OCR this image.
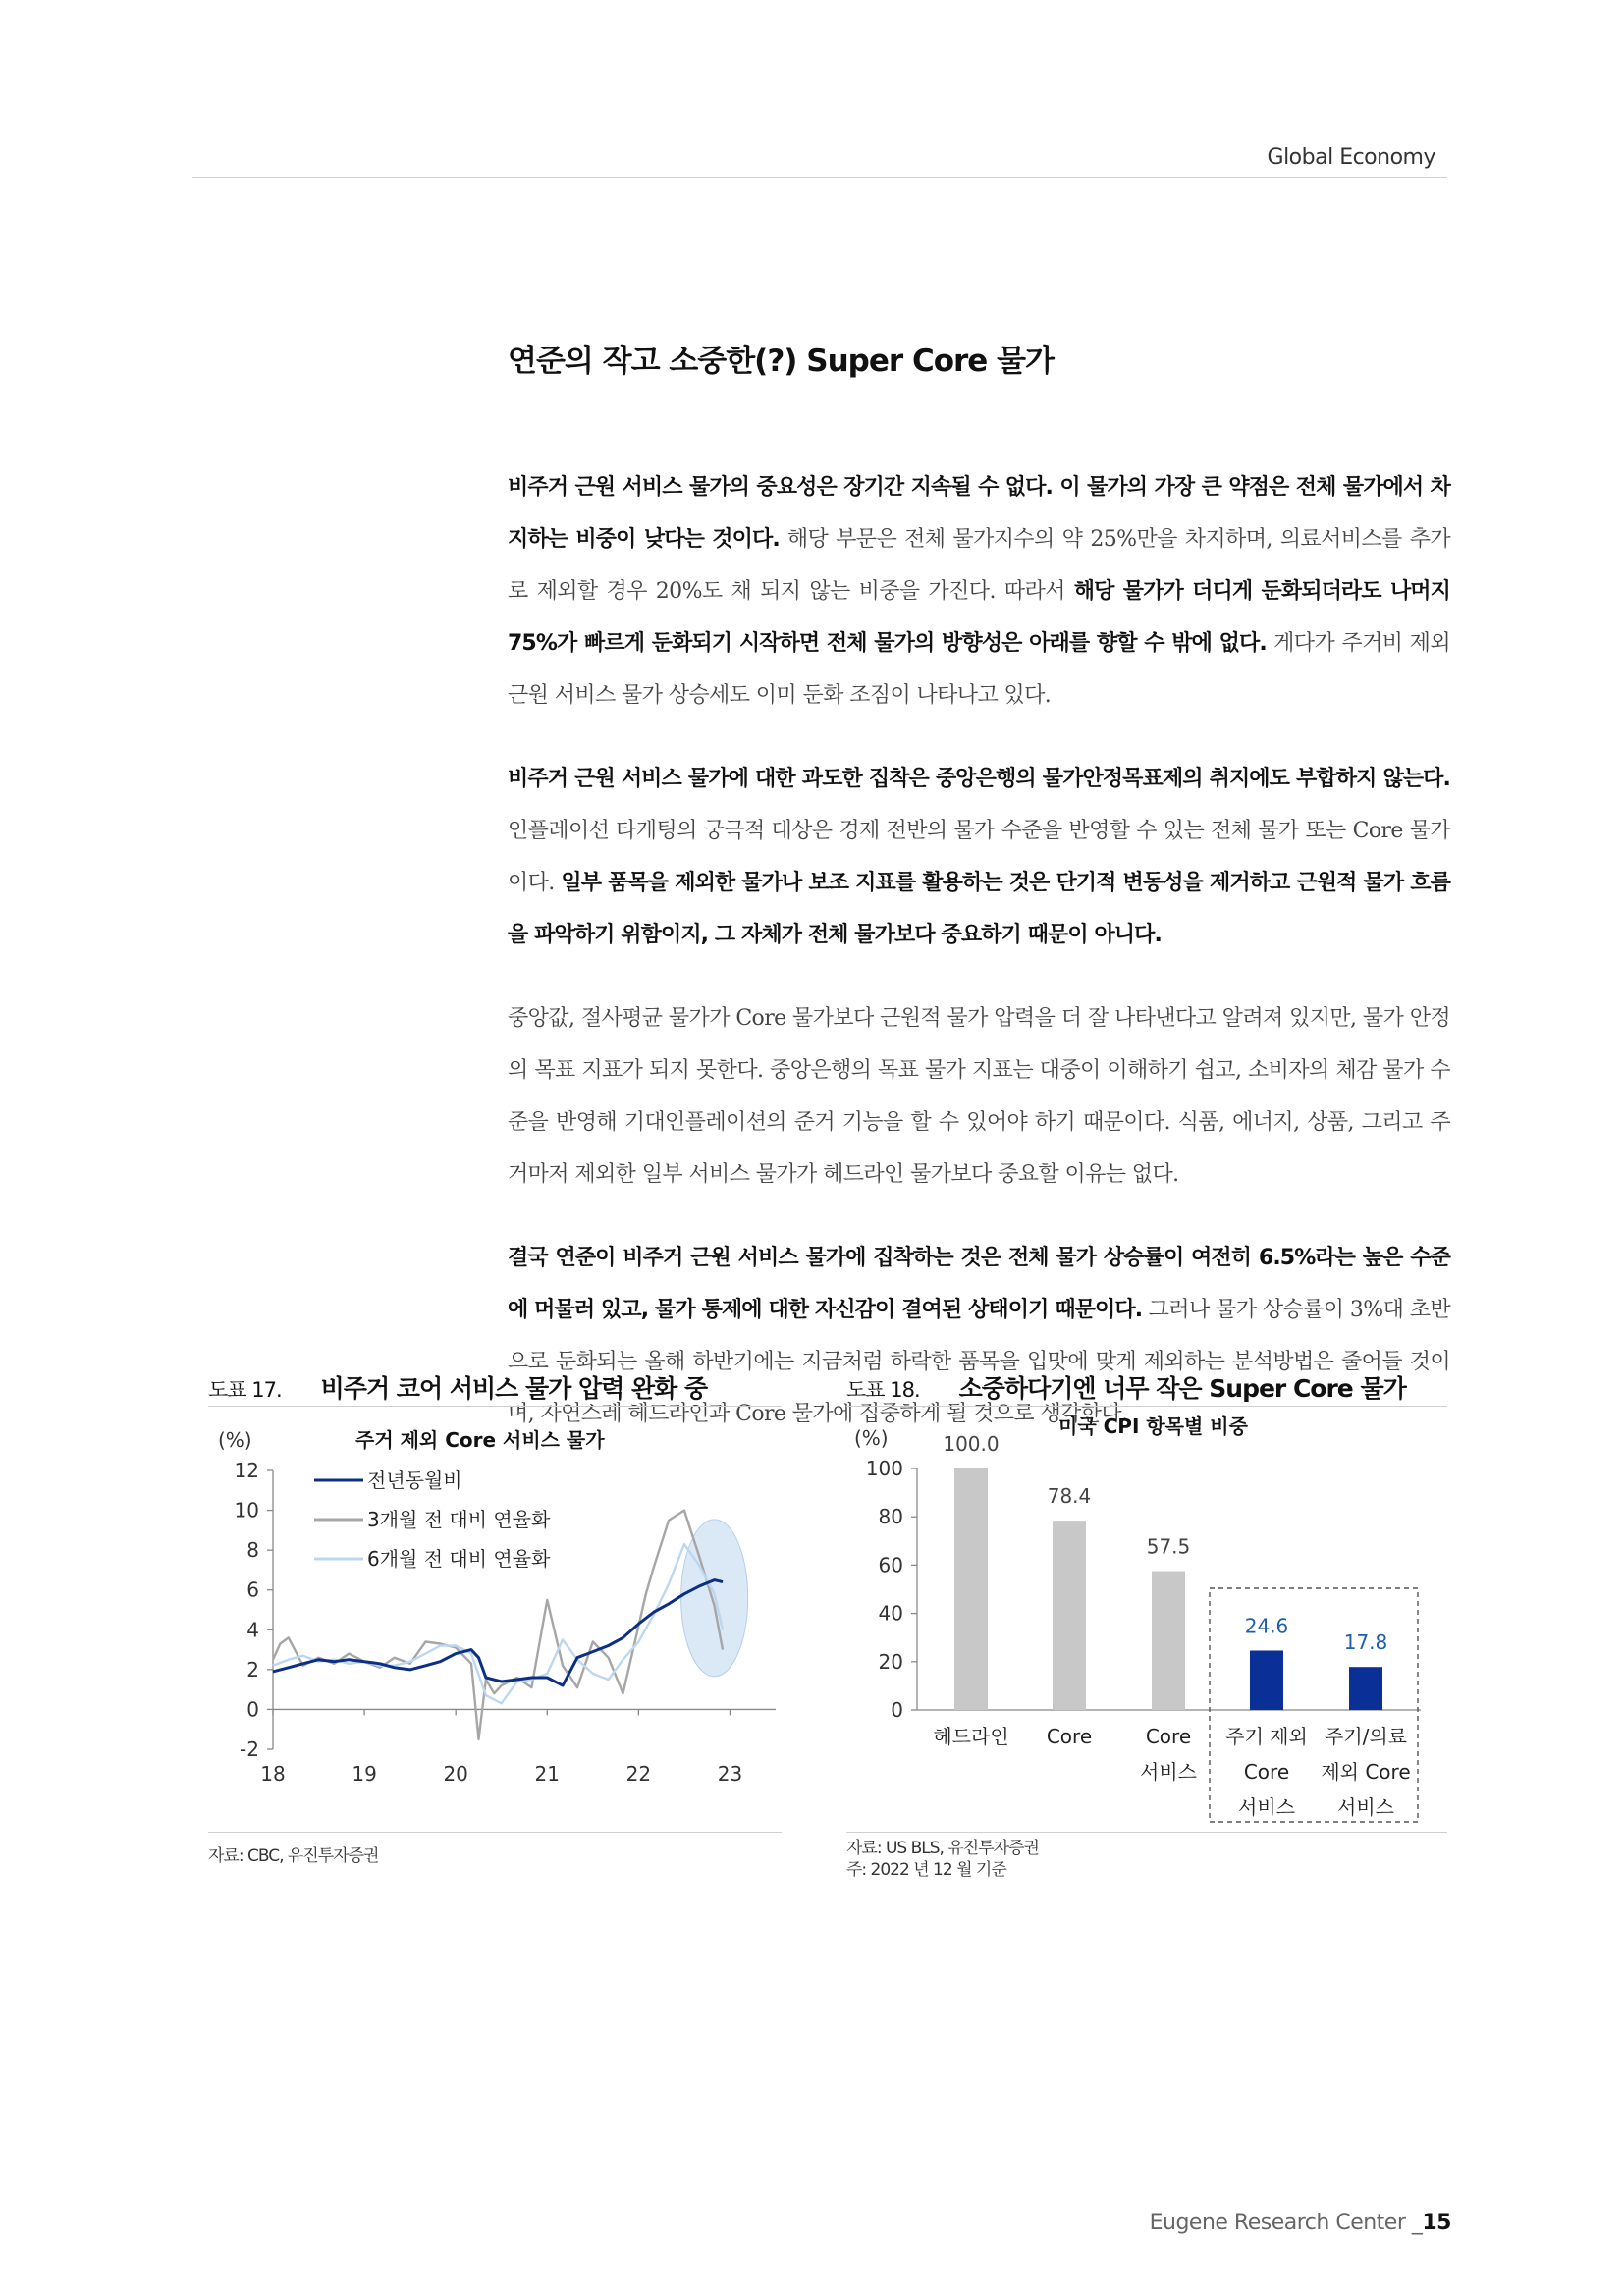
Global Economy
연준의 작고 소중한(?) Super Core 물가

비주거 근원 서비스 물가의 중요성은 장기간 지속될 수 없다. 이 물가의 가장 큰 약점은 전체 물가에서 차지하는 비중이 낮다는 것이다. 해당 부문은 전체 물가지수의 약 25%만을 차지하며, 의료서비스를 추가로 제외할 경우 20%도 채 되지 않는 비중을 가진다. 따라서 해당 물가가 더디게 둔화되더라도 나머지 75%가 빠르게 둔화되기 시작하면 전체 물가의 방향성은 아래를 향할 수 밖에 없다. 게다가 주거비 제외 근원 서비스 물가 상승세도 이미 둔화 조짐이 나타나고 있다.

비주거 근원 서비스 물가에 대한 과도한 집착은 중앙은행의 물가안정목표제의 취지에도 부합하지 않는다. 인플레이션 타게팅의 궁극적 대상은 경제 전반의 물가 수준을 반영할 수 있는 전체 물가 또는 Core 물가이다. 일부 품목을 제외한 물가나 보조 지표를 활용하는 것은 단기적 변동성을 제거하고 근원적 물가 흐름을 파악하기 위함이지, 그 자체가 전체 물가보다 중요하기 때문이 아니다.

중앙값, 절사평균 물가가 Core 물가보다 근원적 물가 압력을 더 잘 나타낸다고 알려져 있지만, 물가 안정의 목표 지표가 되지 못한다. 중앙은행의 목표 물가 지표는 대중이 이해하기 쉽고, 소비자의 체감 물가 수준을 반영해 기대인플레이션의 준거 기능을 할 수 있어야 하기 때문이다. 식품, 에너지, 상품, 그리고 주거마저 제외한 일부 서비스 물가가 헤드라인 물가보다 중요할 이유는 없다.

결국 연준이 비주거 근원 서비스 물가에 집착하는 것은 전체 물가 상승률이 여전히 6.5%라는 높은 수준에 머물러 있고, 물가 통제에 대한 자신감이 결여된 상태이기 때문이다. 그러나 물가 상승률이 3%대 초반으로 둔화되는 올해 하반기에는 지금처럼 하락한 품목을 입맛에 맞게 제외하는 분석방법은 줄어들 것이며, 자연스레 헤드라인과 Core 물가에 집중하게 될 것으로 생각한다.

도표 17. 비주거 코어 서비스 물가 압력 완화 중
-2
0
2
4
6
8
10
12
18	19	20	21	22	23
(%)	주거 제외 Core 서비스 물가
전년동월비
3개월 전 대비 연율화
6개월 전 대비 연율화
자료: CBC, 유진투자증권
도표 18. 소중하다기엔 너무 작은 Super Core 물가
(%)	미국 CPI 항목별 비중
0
20
40
60
80
100
100.0
헤드라인
78.4
Core
57.5
Core
서비스
24.6
주거 제외
Core
서비스
17.8
주거/의료
제외 Core
서비스
자료: US BLS, 유진투자증권
주: 2022 년 12 월 기준
Eugene Research Center _15
